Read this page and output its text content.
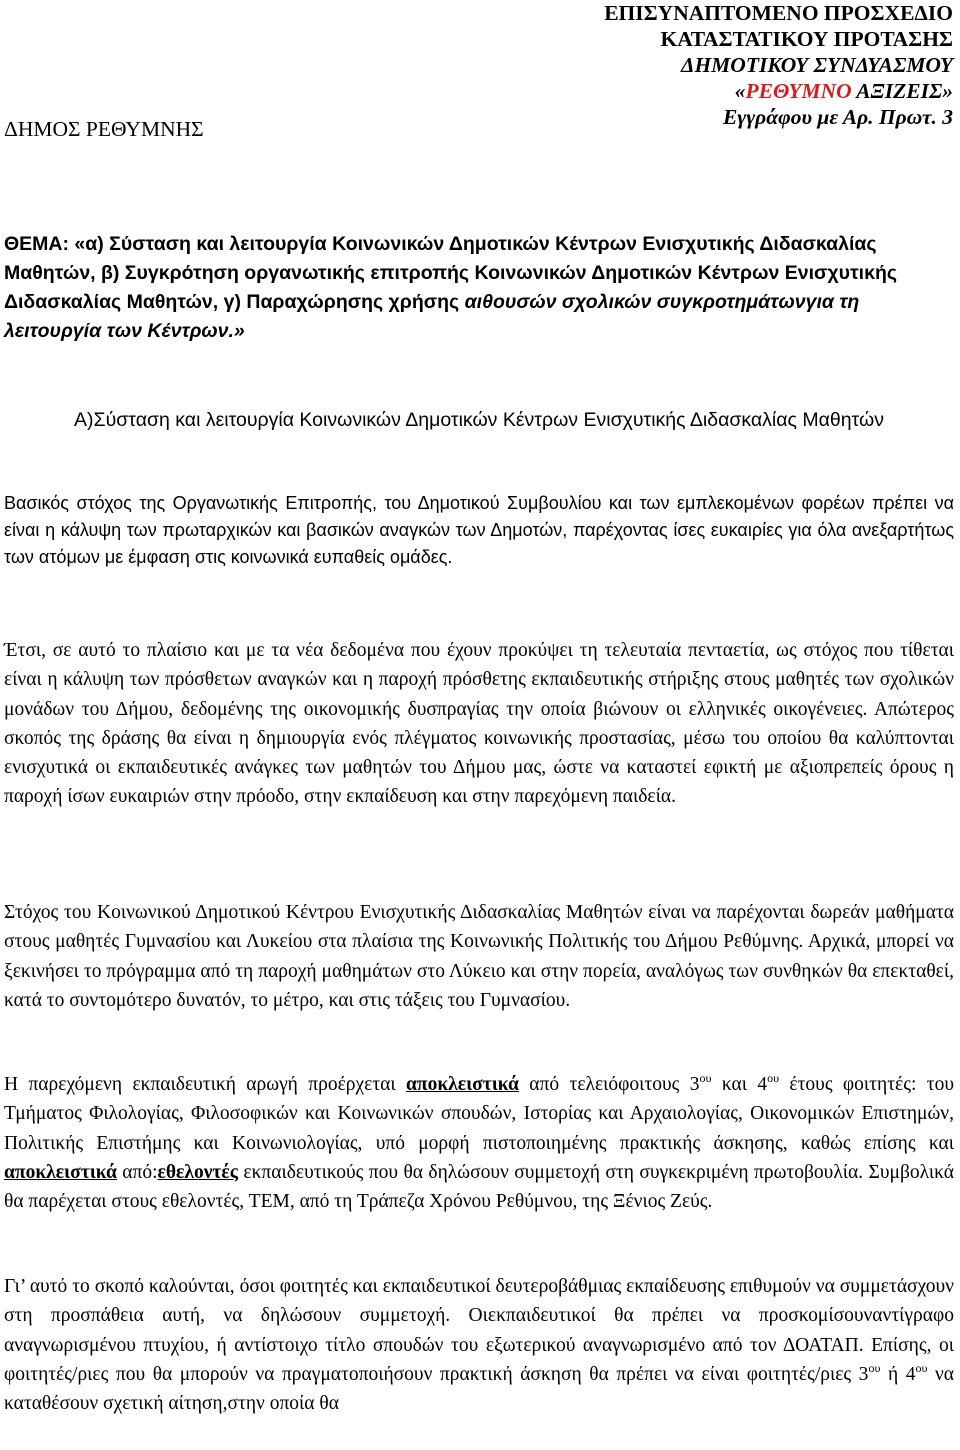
ΕΠΙΣΥΝΑΠΤΟΜΕΝΟ ΠΡΟΣΧΕΔΙΟ
ΚΑΤΑΣΤΑΤΙΚΟΥ ΠΡΟΤΑΣΗΣ
ΔΗΜΟΤΙΚΟΥ ΣΥΝΔΥΑΣΜΟΥ
«ΡΕΘΥΜΝΟ ΑΞΙΖΕΙΣ»
Εγγράφου με Αρ. Πρωτ. 3
ΔΗΜΟΣ ΡΕΘΥΜΝΗΣ
ΘΕΜΑ: «α) Σύσταση και λειτουργία Κοινωνικών Δημοτικών Κέντρων Ενισχυτικής Διδασκαλίας Μαθητών, β) Συγκρότηση οργανωτικής επιτροπής Κοινωνικών Δημοτικών Κέντρων Ενισχυτικής Διδασκαλίας Μαθητών, γ) Παραχώρησης χρήσης αιθουσών σχολικών συγκροτημάτωνγια τη λειτουργία των Κέντρων.»
Α)Σύσταση και λειτουργία Κοινωνικών Δημοτικών Κέντρων Ενισχυτικής Διδασκαλίας Μαθητών
Βασικός στόχος της Οργανωτικής Επιτροπής, του Δημοτικού Συμβουλίου και των εμπλεκομένων φορέων πρέπει να είναι η κάλυψη των πρωταρχικών και βασικών αναγκών των Δημοτών, παρέχοντας ίσες ευκαιρίες για όλα ανεξαρτήτως των ατόμων με έμφαση στις κοινωνικά ευπαθείς ομάδες.
Έτσι, σε αυτό το πλαίσιο και με τα νέα δεδομένα που έχουν προκύψει τη τελευταία πενταετία, ως στόχος που τίθεται είναι η κάλυψη των πρόσθετων αναγκών και η παροχή πρόσθετης εκπαιδευτικής στήριξης στους μαθητές των σχολικών μονάδων του Δήμου, δεδομένης της οικονομικής δυσπραγίας την οποία βιώνουν οι ελληνικές οικογένειες. Απώτερος σκοπός της δράσης θα είναι η δημιουργία ενός πλέγματος κοινωνικής προστασίας, μέσω του οποίου θα καλύπτονται ενισχυτικά οι εκπαιδευτικές ανάγκες των μαθητών του Δήμου μας, ώστε να καταστεί εφικτή με αξιοπρεπείς όρους η παροχή ίσων ευκαιριών στην πρόοδο, στην εκπαίδευση και στην παρεχόμενη παιδεία.
Στόχος του Κοινωνικού Δημοτικού Κέντρου Ενισχυτικής Διδασκαλίας Μαθητών είναι να παρέχονται δωρεάν μαθήματα στους μαθητές Γυμνασίου και Λυκείου στα πλαίσια της Κοινωνικής Πολιτικής του Δήμου Ρεθύμνης. Αρχικά, μπορεί να ξεκινήσει το πρόγραμμα από τη παροχή μαθημάτων στο Λύκειο και στην πορεία, αναλόγως των συνθηκών θα επεκταθεί, κατά το συντομότερο δυνατόν, το μέτρο, και στις τάξεις του Γυμνασίου.
Η παρεχόμενη εκπαιδευτική αρωγή προέρχεται αποκλειστικά από τελειόφοιτους $3^{o\upsilon}$ και $4^{o\upsilon}$ έτους φοιτητές: του Τμήματος Φιλολογίας, Φιλοσοφικών και Κοινωνικών σπουδών, Ιστορίας και Αρχαιολογίας, Οικονομικών Επιστημών, Πολιτικής Επιστήμης και Κοινωνιολογίας, υπό μορφή πιστοποιημένης πρακτικής άσκησης, καθώς επίσης και αποκλειστικά από:εθελοντές εκπαιδευτικούς που θα δηλώσουν συμμετοχή στη συγκεκριμένη πρωτοβουλία. Συμβολικά θα παρέχεται στους εθελοντές, ΤΕΜ, από τη Τράπεζα Χρόνου Ρεθύμνου, της Ξένιος Ζεύς.
Γι’ αυτό το σκοπό καλούνται, όσοι φοιτητές και εκπαιδευτικοί δευτεροβάθμιας εκπαίδευσης επιθυμούν να συμμετάσχουν στη προσπάθεια αυτή, να δηλώσουν συμμετοχή. Οιεκπαιδευτικοί θα πρέπει να προσκομίσουναντίγραφο αναγνωρισμένου πτυχίου, ή αντίστοιχο τίτλο σπουδών του εξωτερικού αναγνωρισμένο από τον ΔΟΑΤΑΠ. Επίσης, οι φοιτητές/ριες που θα μπορούν να πραγματοποιήσουν πρακτική άσκηση θα πρέπει να είναι φοιτητές/ριες $3^{o\upsilon}$ ή $4^{o\upsilon}$ να καταθέσουν σχετική αίτηση,στην οποία θα
